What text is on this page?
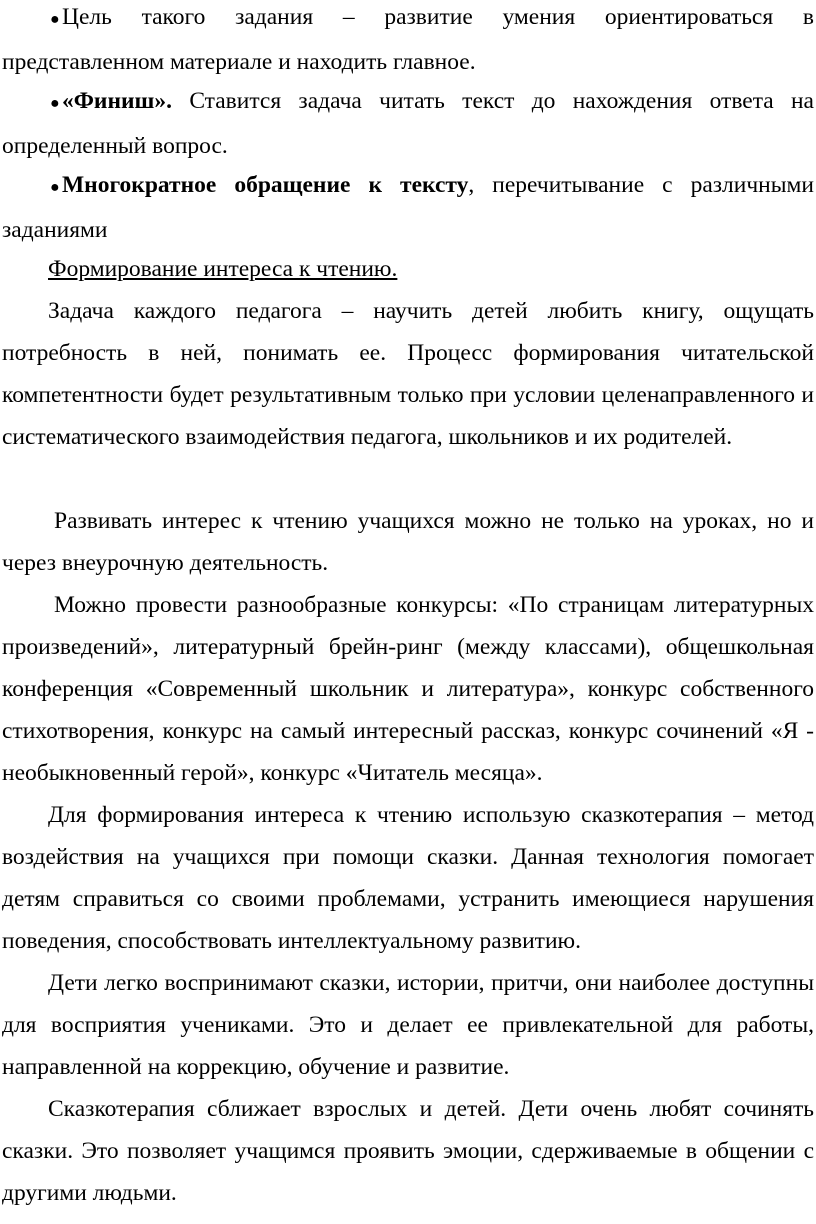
●Цель такого задания – развитие умения ориентироваться в представленном материале и находить главное.

●«Финиш». Ставится задача читать текст до нахождения ответа на определенный вопрос.

●Многократное обращение к тексту, перечитывание с различными заданиями

Формирование интереса к чтению.

Задача каждого педагога – научить детей любить книгу, ощущать потребность в ней, понимать ее. Процесс формирования читательской компетентности будет результативным только при условии целенаправленного и систематического взаимодействия педагога, школьников и их родителей.

Развивать интерес к чтению учащихся можно не только на уроках, но и через внеурочную деятельность.

Можно провести разнообразные конкурсы: «По страницам литературных произведений», литературный брейн-ринг (между классами), общешкольная конференция «Современный школьник и литература», конкурс собственного стихотворения, конкурс на самый интересный рассказ, конкурс сочинений «Я - необыкновенный герой», конкурс «Читатель месяца».

Для формирования интереса к чтению использую сказкотерапия – метод воздействия на учащихся при помощи сказки. Данная технология помогает детям справиться со своими проблемами, устранить имеющиеся нарушения поведения, способствовать интеллектуальному развитию.

Дети легко воспринимают сказки, истории, притчи, они наиболее доступны для восприятия учениками. Это и делает ее привлекательной для работы, направленной на коррекцию, обучение и развитие.

Сказкотерапия сближает взрослых и детей. Дети очень любят сочинять сказки. Это позволяет учащимся проявить эмоции, сдерживаемые в общении с другими людьми.
